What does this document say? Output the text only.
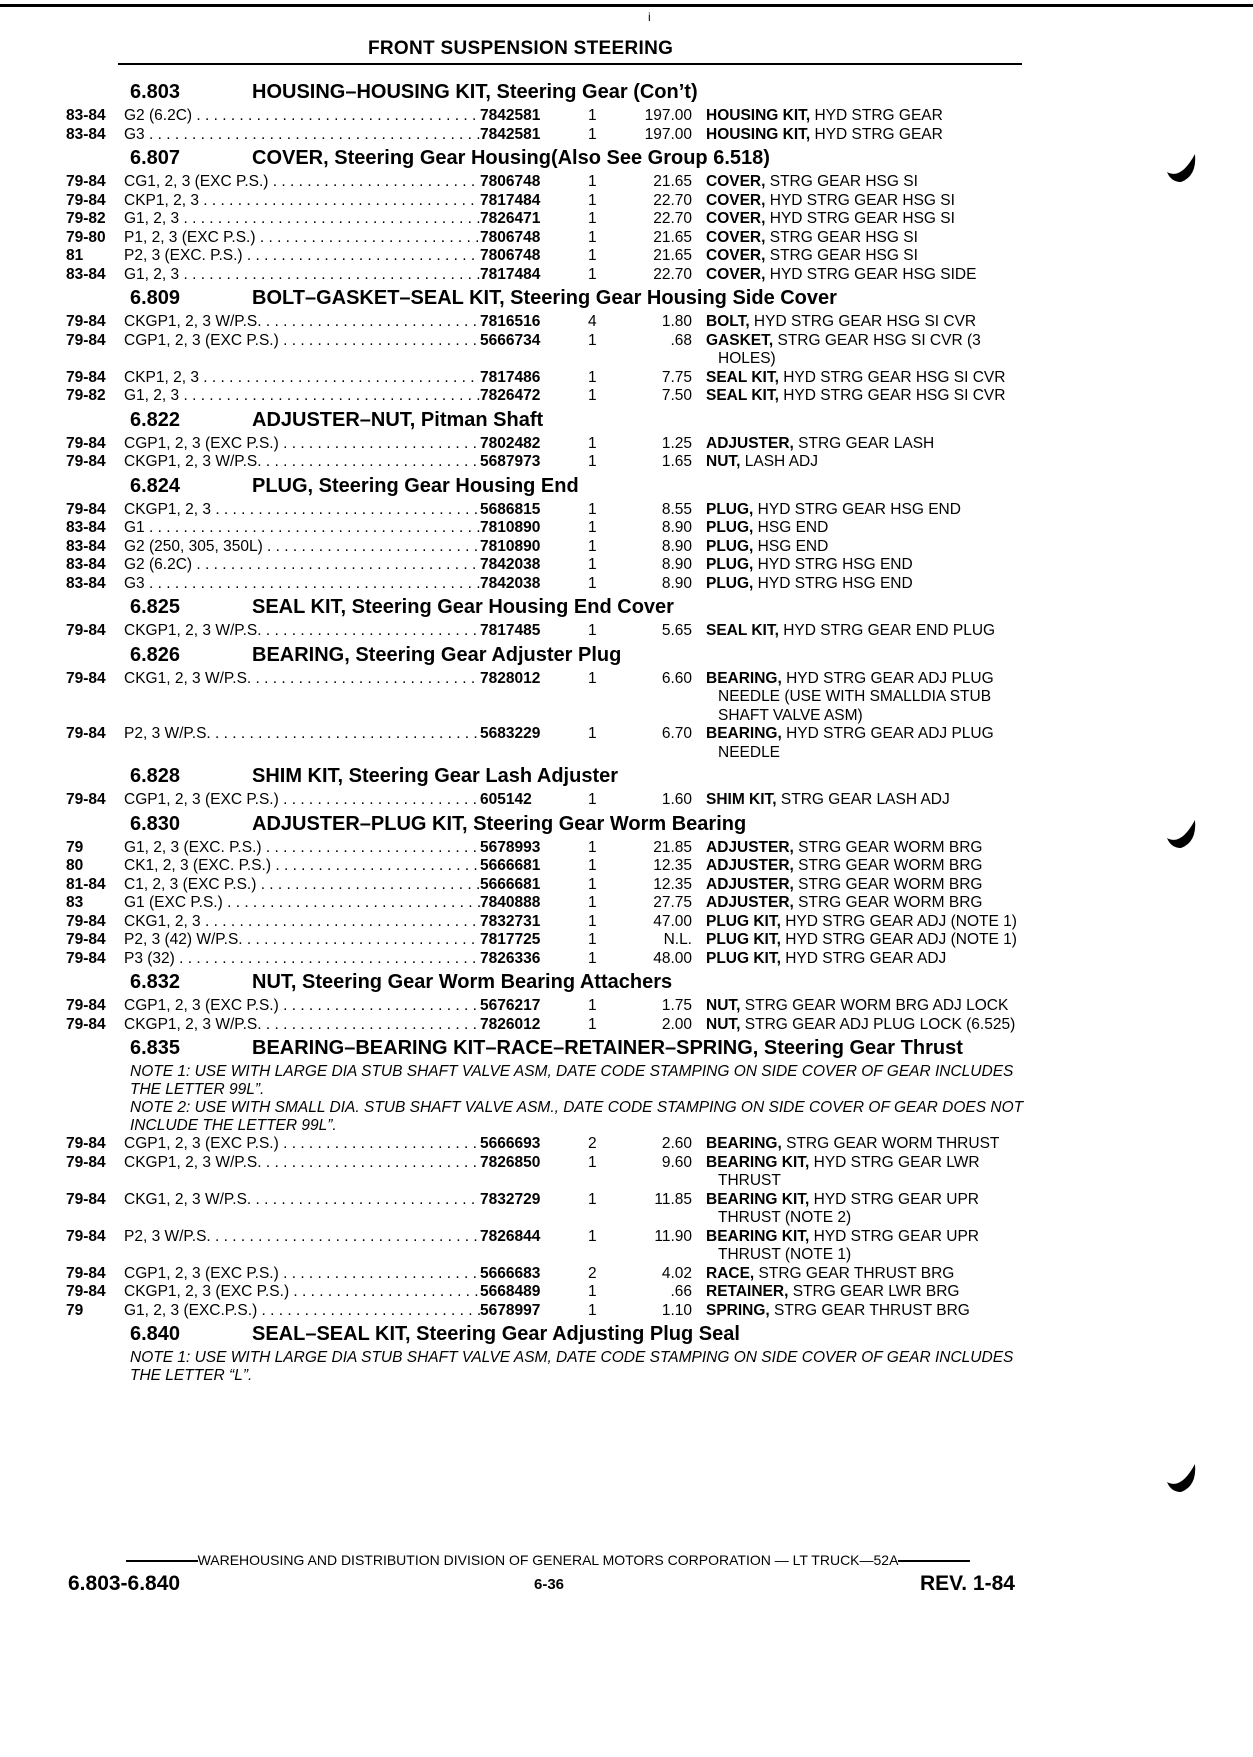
i
FRONT SUSPENSION STEERING
6.803	HOUSING–HOUSING KIT, Steering Gear (Con’t)
83-84	G2 (6.2C) . . .	7842581	1	197.00 HOUSING KIT, HYD STRG GEAR
83-84	G3 . . .	7842581	1	197.00 HOUSING KIT, HYD STRG GEAR
6.807	COVER, Steering Gear Housing(Also See Group 6.518)
79-84	CG1, 2, 3 (EXC P.S.) . . .	7806748	1	21.65 COVER, STRG GEAR HSG SI
79-84	CKP1, 2, 3 . . .	7817484	1	22.70 COVER, HYD STRG GEAR HSG SI
79-82	G1, 2, 3 . . .	7826471	1	22.70 COVER, HYD STRG GEAR HSG SI
79-80	P1, 2, 3 (EXC P.S.) . . .	7806748	1	21.65 COVER, STRG GEAR HSG SI
81	P2, 3 (EXC. P.S.) . . .	7806748	1	21.65 COVER, STRG GEAR HSG SI
83-84	G1, 2, 3 . . .	7817484	1	22.70 COVER, HYD STRG GEAR HSG SIDE
6.809	BOLT–GASKET–SEAL KIT, Steering Gear Housing Side Cover
79-84	CKGP1, 2, 3 W/P.S. . . .	7816516	4	1.80 BOLT, HYD STRG GEAR HSG SI CVR
79-84	CGP1, 2, 3 (EXC P.S.) . . .	5666734	1	.68 GASKET, STRG GEAR HSG SI CVR (3
HOLES)
79-84	CKP1, 2, 3 . . .	7817486	1	7.75 SEAL KIT, HYD STRG GEAR HSG SI CVR
79-82	G1, 2, 3 . . .	7826472	1	7.50 SEAL KIT, HYD STRG GEAR HSG SI CVR
6.822	ADJUSTER–NUT, Pitman Shaft
79-84	CGP1, 2, 3 (EXC P.S.) . . .	7802482	1	1.25 ADJUSTER, STRG GEAR LASH
79-84	CKGP1, 2, 3 W/P.S. . . .	5687973	1	1.65 NUT, LASH ADJ
6.824	PLUG, Steering Gear Housing End
79-84	CKGP1, 2, 3 . . .	5686815	1	8.55 PLUG, HYD STRG GEAR HSG END
83-84	G1 . . .	7810890	1	8.90 PLUG, HSG END
83-84	G2 (250, 305, 350L) . . .	7810890	1	8.90 PLUG, HSG END
83-84	G2 (6.2C) . . .	7842038	1	8.90 PLUG, HYD STRG HSG END
83-84	G3 . . .	7842038	1	8.90 PLUG, HYD STRG HSG END
6.825	SEAL KIT, Steering Gear Housing End Cover
79-84	CKGP1, 2, 3 W/P.S. . . .	7817485	1	5.65 SEAL KIT, HYD STRG GEAR END PLUG
6.826	BEARING, Steering Gear Adjuster Plug
79-84	CKG1, 2, 3 W/P.S. . . .	7828012	1	6.60 BEARING, HYD STRG GEAR ADJ PLUG
NEEDLE (USE WITH SMALLDIA STUB
SHAFT VALVE ASM)
79-84	P2, 3 W/P.S. . . .	5683229	1	6.70 BEARING, HYD STRG GEAR ADJ PLUG
NEEDLE
6.828	SHIM KIT, Steering Gear Lash Adjuster
79-84	CGP1, 2, 3 (EXC P.S.) . . .	605142	1	1.60 SHIM KIT, STRG GEAR LASH ADJ
6.830	ADJUSTER–PLUG KIT, Steering Gear Worm Bearing
79	G1, 2, 3 (EXC. P.S.) . . .	5678993	1	21.85 ADJUSTER, STRG GEAR WORM BRG
80	CK1, 2, 3 (EXC. P.S.) . . .	5666681	1	12.35 ADJUSTER, STRG GEAR WORM BRG
81-84	C1, 2, 3 (EXC P.S.) . . .	5666681	1	12.35 ADJUSTER, STRG GEAR WORM BRG
83	G1 (EXC P.S.) . . .	7840888	1	27.75 ADJUSTER, STRG GEAR WORM BRG
79-84	CKG1, 2, 3 . . .	7832731	1	47.00 PLUG KIT, HYD STRG GEAR ADJ (NOTE 1)
79-84	P2, 3 (42) W/P.S. . . .	7817725	1	N.L. PLUG KIT, HYD STRG GEAR ADJ (NOTE 1)
79-84	P3 (32) . . .	7826336	1	48.00 PLUG KIT, HYD STRG GEAR ADJ
6.832	NUT, Steering Gear Worm Bearing Attachers
79-84	CGP1, 2, 3 (EXC P.S.) . . .	5676217	1	1.75 NUT, STRG GEAR WORM BRG ADJ LOCK
79-84	CKGP1, 2, 3 W/P.S. . . .	7826012	1	2.00 NUT, STRG GEAR ADJ PLUG LOCK (6.525)
6.835	BEARING–BEARING KIT–RACE–RETAINER–SPRING, Steering Gear Thrust
NOTE 1: USE WITH LARGE DIA STUB SHAFT VALVE ASM, DATE CODE STAMPING ON SIDE COVER OF GEAR INCLUDES THE LETTER 99L”.
NOTE 2: USE WITH SMALL DIA. STUB SHAFT VALVE ASM., DATE CODE STAMPING ON SIDE COVER OF GEAR DOES NOT INCLUDE THE LETTER 99L”.
79-84	CGP1, 2, 3 (EXC P.S.) . . .	5666693	2	2.60 BEARING, STRG GEAR WORM THRUST
79-84	CKGP1, 2, 3 W/P.S. . . .	7826850	1	9.60 BEARING KIT, HYD STRG GEAR LWR
THRUST
79-84	CKG1, 2, 3 W/P.S. . . .	7832729	1	11.85 BEARING KIT, HYD STRG GEAR UPR
THRUST (NOTE 2)
79-84	P2, 3 W/P.S. . . .	7826844	1	11.90 BEARING KIT, HYD STRG GEAR UPR
THRUST (NOTE 1)
79-84	CGP1, 2, 3 (EXC P.S.) . . .	5666683	2	4.02 RACE, STRG GEAR THRUST BRG
79-84	CKGP1, 2, 3 (EXC P.S.) . . .	5668489	1	.66 RETAINER, STRG GEAR LWR BRG
79	G1, 2, 3 (EXC.P.S.) . . .	5678997	1	1.10 SPRING, STRG GEAR THRUST BRG
6.840	SEAL–SEAL KIT, Steering Gear Adjusting Plug Seal
NOTE 1: USE WITH LARGE DIA STUB SHAFT VALVE ASM, DATE CODE STAMPING ON SIDE COVER OF GEAR INCLUDES THE LETTER “L”.
WAREHOUSING AND DISTRIBUTION DIVISION OF GENERAL MOTORS CORPORATION — LT TRUCK—52A
6.803-6.840	6-36	REV. 1-84
